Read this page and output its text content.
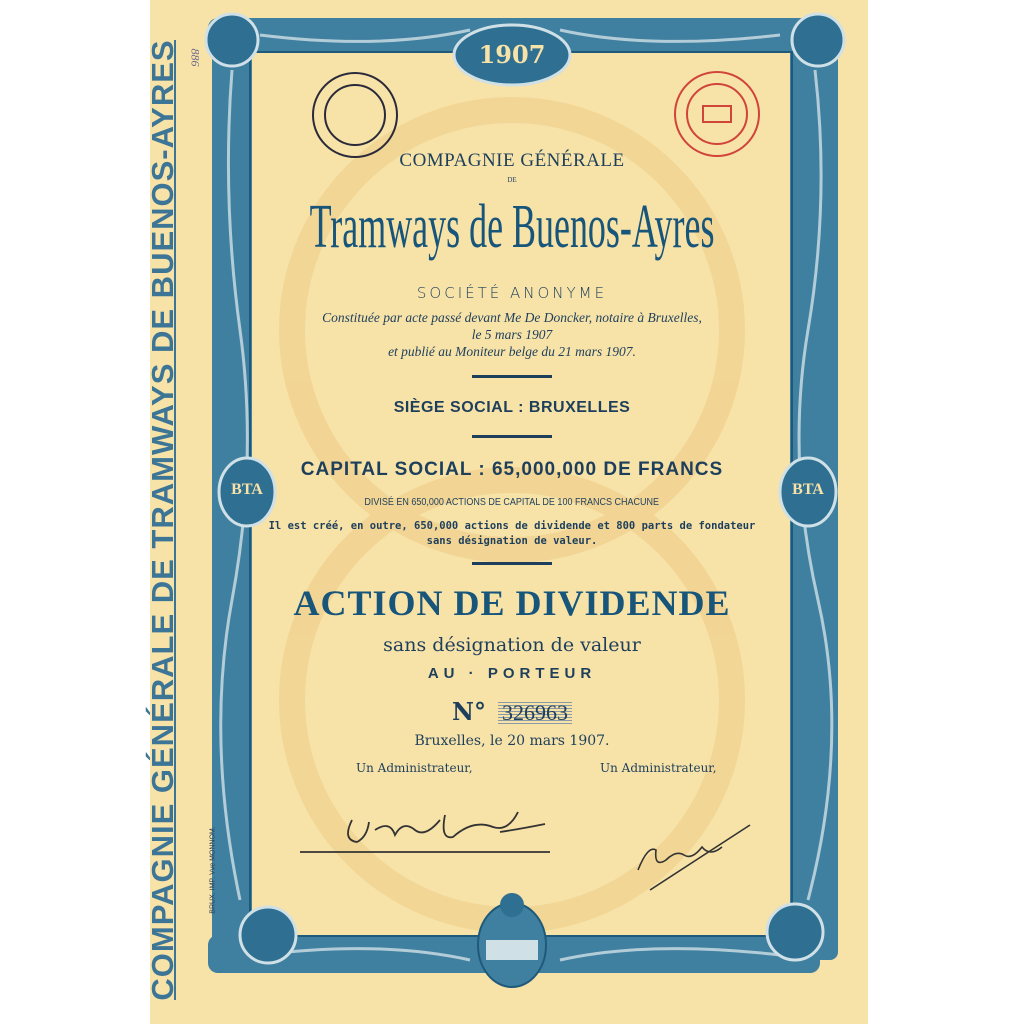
COMPAGNIE GÉNÉRALE DE TRAMWAYS DE BUENOS-AYRES	BRUX. IMP. Vve MONNOM.
886	1907
BTA	BTA
COMPAGNIE GÉNÉRALE
DE
Tramways de Buenos-Ayres
SOCIÉTÉ ANONYME
Constituée par acte passé devant Me De Doncker, notaire à Bruxelles,
le 5 mars 1907
et publié au Moniteur belge du 21 mars 1907.
SIÈGE SOCIAL : BRUXELLES
CAPITAL SOCIAL : 65,000,000 DE FRANCS
DIVISÉ EN 650,000 ACTIONS DE CAPITAL DE 100 FRANCS CHACUNE
Il est créé, en outre, 650,000 actions de dividende et 800 parts de fondateur
sans désignation de valeur.
ACTION DE DIVIDENDE
sans désignation de valeur
AU · PORTEUR
N° 326963
Bruxelles, le 20 mars 1907.
Un Administrateur,	Un Administrateur,
